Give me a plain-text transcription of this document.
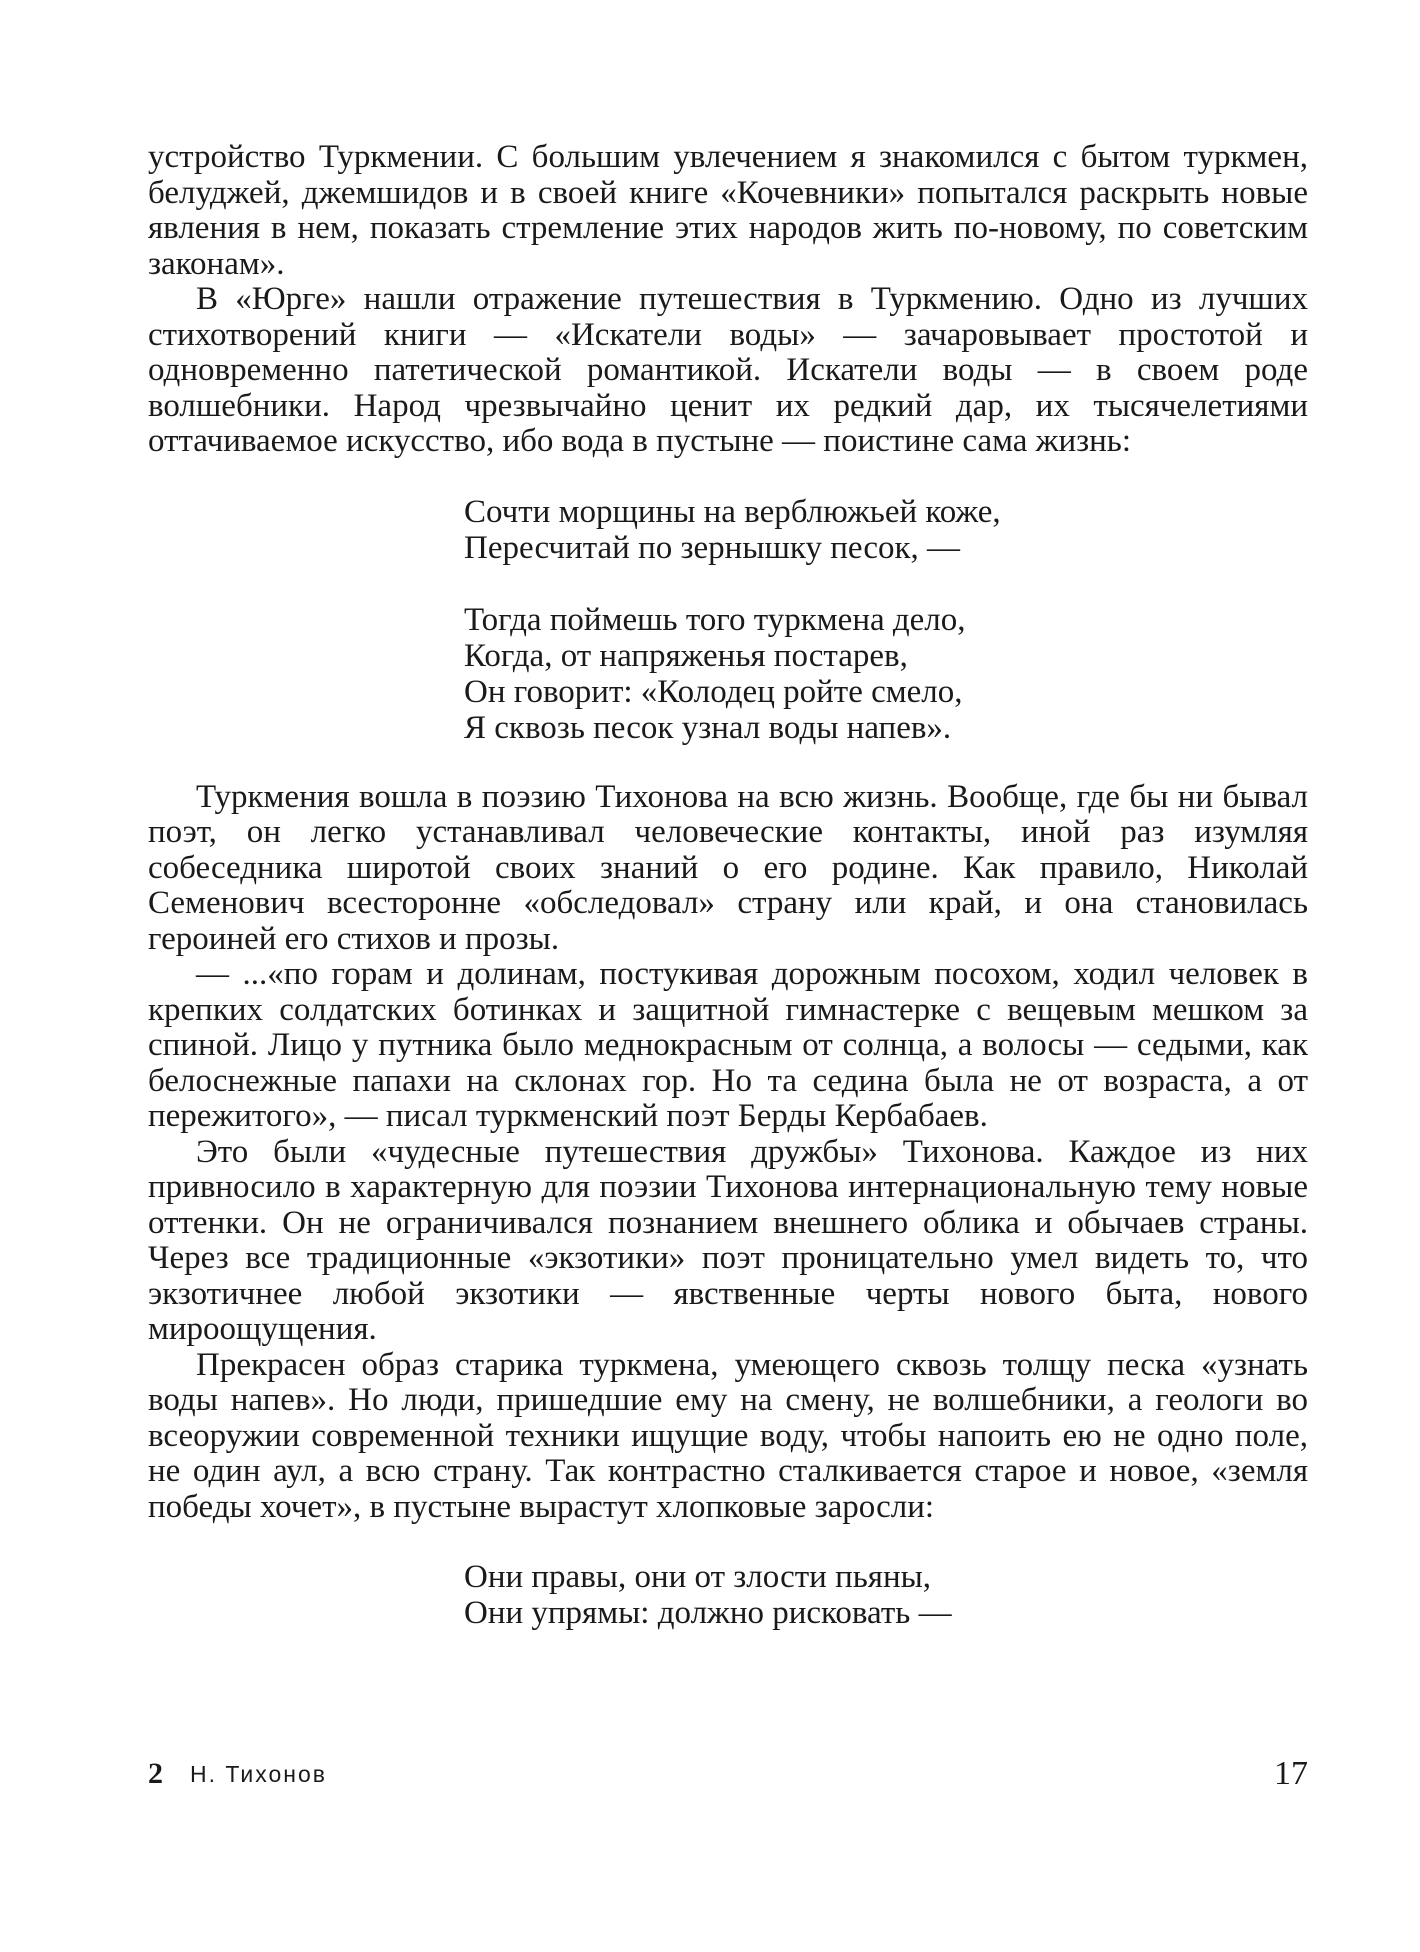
устройство Туркмении. С большим увлечением я знакомился с бытом туркмен, белуджей, джемшидов и в своей книге «Кочевники» попытался раскрыть новые явления в нем, показать стремление этих народов жить по-новому, по советским законам».

В «Юрге» нашли отражение путешествия в Туркмению. Одно из лучших стихотворений книги — «Искатели воды» — зачаровывает простотой и одновременно патетической романтикой. Искатели воды — в своем роде волшебники. Народ чрезвычайно ценит их редкий дар, их тысячелетиями оттачиваемое искусство, ибо вода в пустыне — поистине сама жизнь:

Сочти морщины на верблюжьей коже,
Пересчитай по зернышку песок, —
Тогда поймешь того туркмена дело,
Когда, от напряженья постарев,
Он говорит: «Колодец ройте смело,
Я сквозь песок узнал воды напев».

Туркмения вошла в поэзию Тихонова на всю жизнь. Вообще, где бы ни бывал поэт, он легко устанавливал человеческие контакты, иной раз изумляя собеседника широтой своих знаний о его родине. Как правило, Николай Семенович всесторонне «обследовал» страну или край, и она становилась героиней его стихов и прозы.

— ...«по горам и долинам, постукивая дорожным посохом, ходил человек в крепких солдатских ботинках и защитной гимнастерке с вещевым мешком за спиной. Лицо у путника было меднокрасным от солнца, а волосы — седыми, как белоснежные папахи на склонах гор. Но та седина была не от возраста, а от пережитого», — писал туркменский поэт Берды Кербабаев.

Это были «чудесные путешествия дружбы» Тихонова. Каждое из них привносило в характерную для поэзии Тихонова интернациональную тему новые оттенки. Он не ограничивался познанием внешнего облика и обычаев страны. Через все традиционные «экзотики» поэт проницательно умел видеть то, что экзотичнее любой экзотики — явственные черты нового быта, нового мироощущения.

Прекрасен образ старика туркмена, умеющего сквозь толщу песка «узнать воды напев». Но люди, пришедшие ему на смену, не волшебники, а геологи во всеоружии современной техники ищущие воду, чтобы напоить ею не одно поле, не один аул, а всю страну. Так контрастно сталкивается старое и новое, «земля победы хочет», в пустыне вырастут хлопковые заросли:

Они правы, они от злости пьяны,
Они упрямы: должно рисковать —
2 Н. Тихонов	17
